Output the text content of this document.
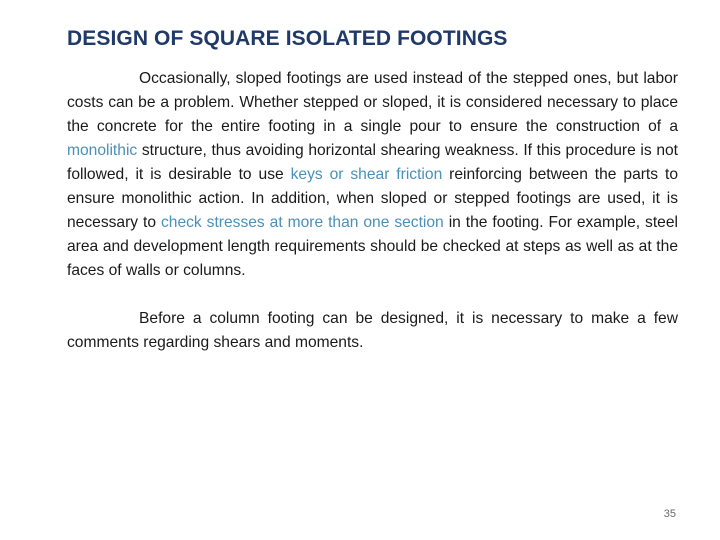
DESIGN OF SQUARE ISOLATED FOOTINGS

Occasionally, sloped footings are used instead of the stepped ones, but labor costs can be a problem. Whether stepped or sloped, it is considered necessary to place the concrete for the entire footing in a single pour to ensure the construction of a monolithic structure, thus avoiding horizontal shearing weakness. If this procedure is not followed, it is desirable to use keys or shear friction reinforcing between the parts to ensure monolithic action. In addition, when sloped or stepped footings are used, it is necessary to check stresses at more than one section in the footing. For example, steel area and development length requirements should be checked at steps as well as at the faces of walls or columns.

Before a column footing can be designed, it is necessary to make a few comments regarding shears and moments.

35
